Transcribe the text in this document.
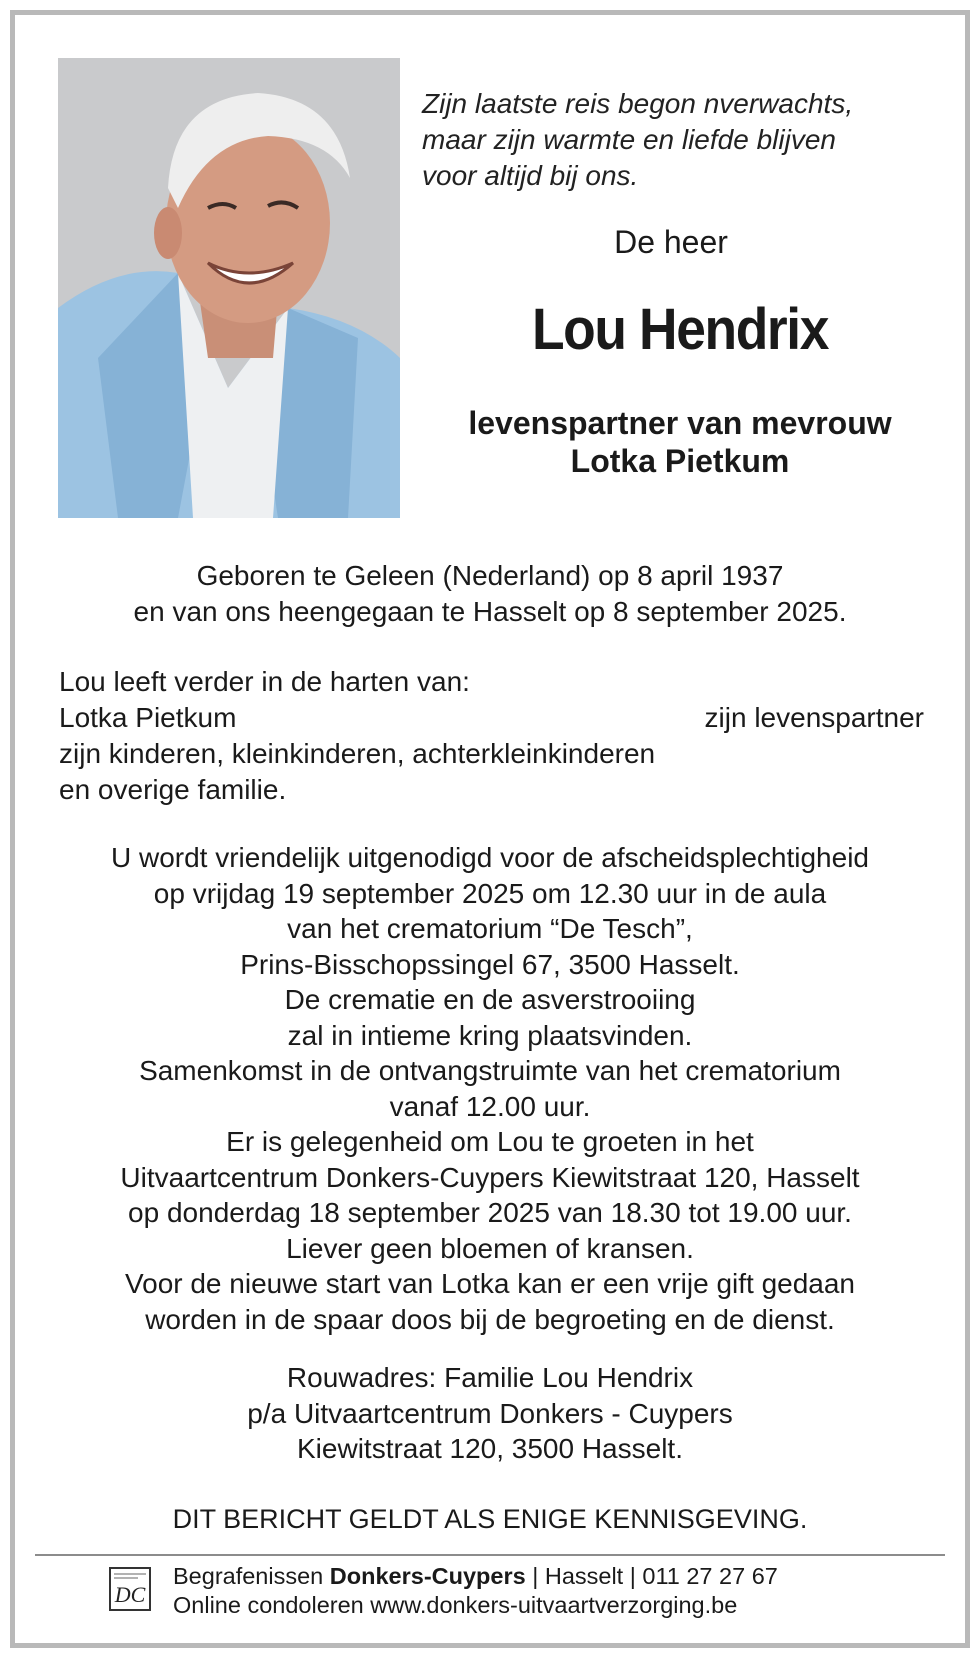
Zijn laatste reis begon nverwachts,
maar zijn warmte en liefde blijven
voor altijd bij ons.
De heer
Lou Hendrix
levenspartner van mevrouw
Lotka Pietkum
Geboren te Geleen (Nederland) op 8 april 1937
en van ons heengegaan te Hasselt op 8 september 2025.
Lou leeft verder in de harten van:
Lotka Pietkum	zijn levenspartner
zijn kinderen, kleinkinderen, achterkleinkinderen
en overige familie.
U wordt vriendelijk uitgenodigd voor de afscheidsplechtigheid
op vrijdag 19 september 2025 om 12.30 uur in de aula
van het crematorium “De Tesch”,
Prins-Bisschopssingel 67, 3500 Hasselt.
De crematie en de asverstrooiing
zal in intieme kring plaatsvinden.
Samenkomst in de ontvangstruimte van het crematorium
vanaf 12.00 uur.
Er is gelegenheid om Lou te groeten in het
Uitvaartcentrum Donkers-Cuypers Kiewitstraat 120, Hasselt
op donderdag 18 september 2025 van 18.30 tot 19.00 uur.
Liever geen bloemen of kransen.
Voor de nieuwe start van Lotka kan er een vrije gift gedaan
worden in de spaar doos bij de begroeting en de dienst.
Rouwadres: Familie Lou Hendrix
p/a Uitvaartcentrum Donkers - Cuypers
Kiewitstraat 120, 3500 Hasselt.
DIT BERICHT GELDT ALS ENIGE KENNISGEVING.
DC
Begrafenissen Donkers-Cuypers | Hasselt | 011 27 27 67
Online condoleren www.donkers-uitvaartverzorging.be
